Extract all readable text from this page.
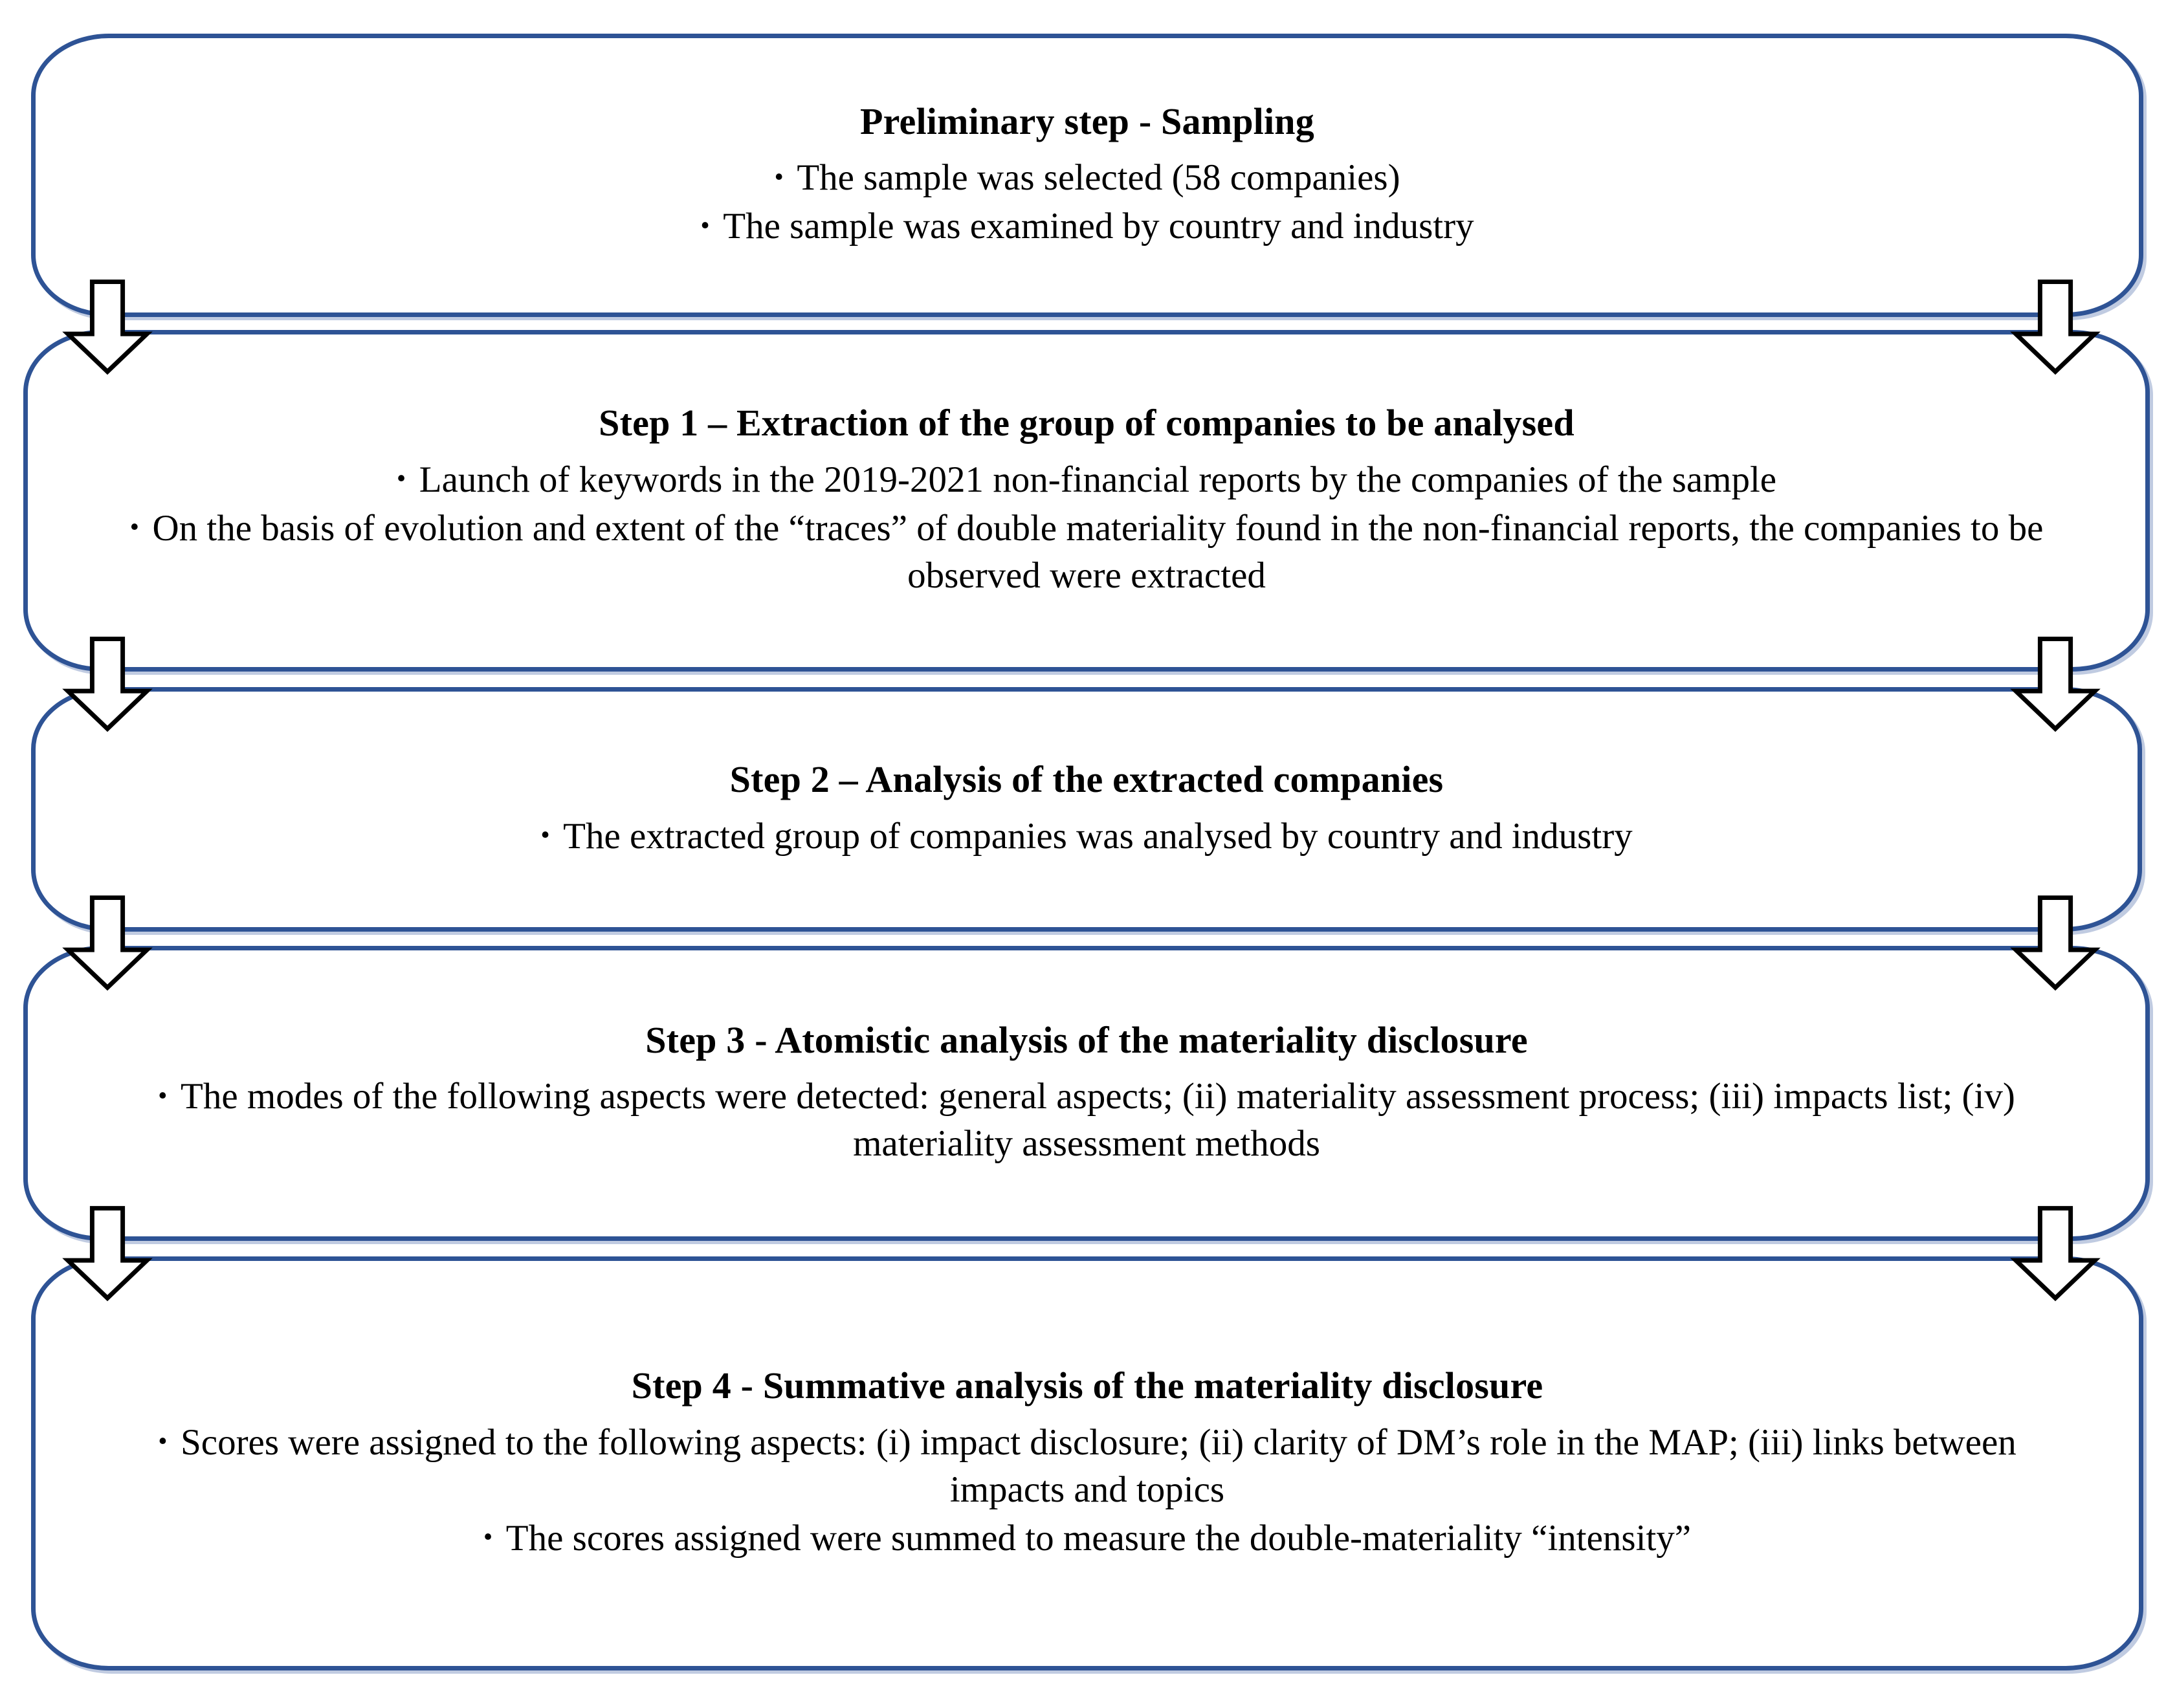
Preliminary step - Sampling
• The sample was selected (58 companies)
• The sample was examined by country and industry
Step 1 – Extraction of the group of companies to be analysed
• Launch of keywords in the 2019-2021 non-financial reports by the companies of the sample
• On the basis of evolution and extent of the “traces” of double materiality found in the non-financial reports, the companies to be observed were extracted
Step 2 – Analysis of the extracted companies
• The extracted group of companies was analysed by country and industry
Step 3 - Atomistic analysis of the materiality disclosure
• The modes of the following aspects were detected: general aspects; (ii) materiality assessment process; (iii) impacts list; (iv) materiality assessment methods
Step 4 - Summative analysis of the materiality disclosure
• Scores were assigned to the following aspects: (i) impact disclosure; (ii) clarity of DM’s role in the MAP; (iii) links between impacts and topics
• The scores assigned were summed to measure the double-materiality “intensity”
